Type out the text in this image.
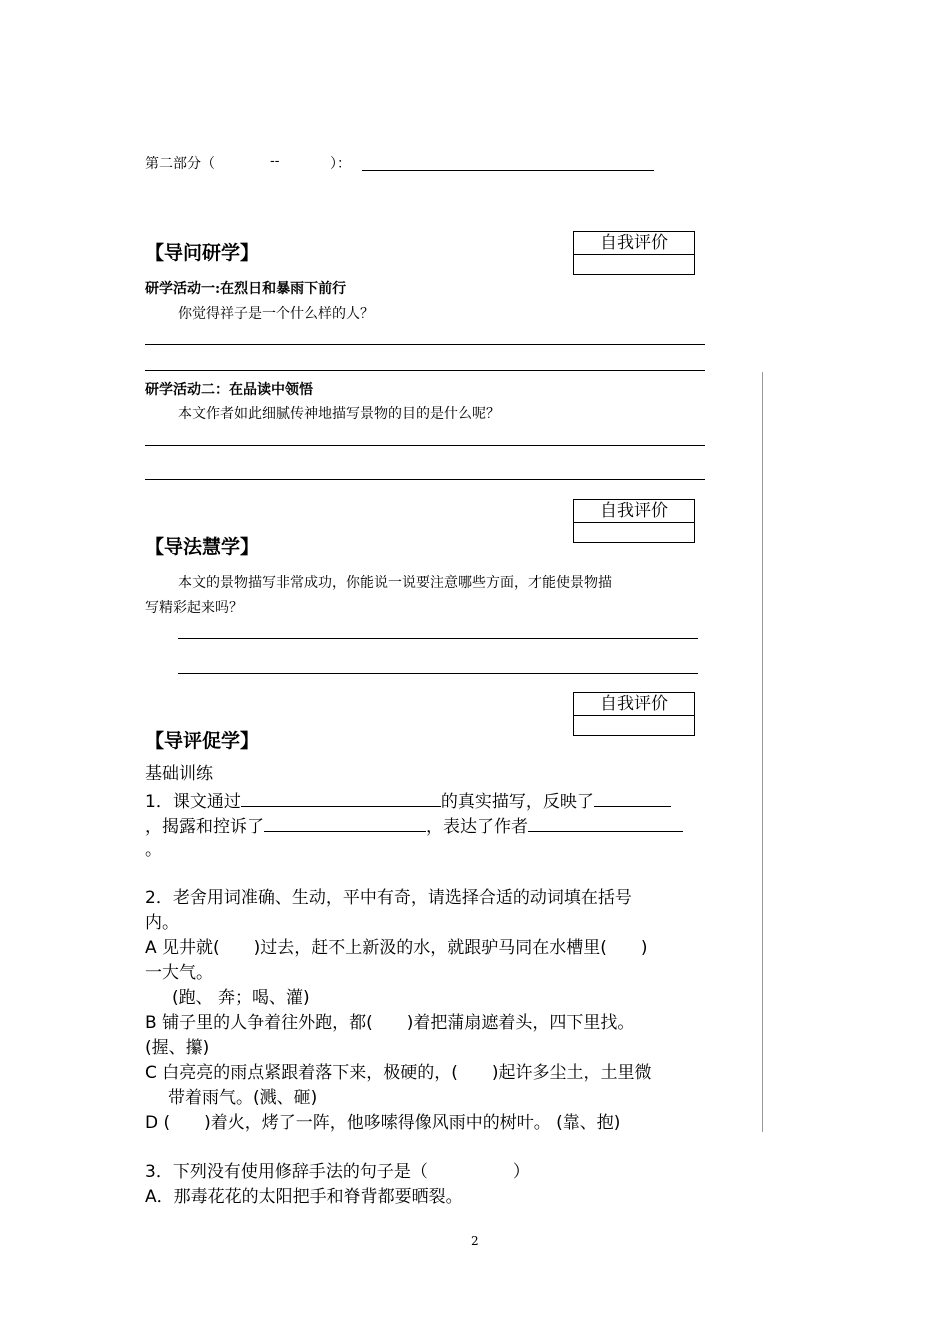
第二部分（	--	）：
【导问研学】	自我评价
研学活动一:在烈日和暴雨下前行
你觉得祥子是一个什么样的人？
研学活动二：在品读中领悟
本文作者如此细腻传神地描写景物的目的是什么呢？
自我评价
【导法慧学】
本文的景物描写非常成功，你能说一说要注意哪些方面，才能使景物描
写精彩起来吗？
自我评价
【导评促学】
基础训练
1．课文通过	的真实描写，反映了
，揭露和控诉了	，表达了作者
。
2．老舍用词准确、生动，平中有奇，请选择合适的动词填在括号
内。
A 见井就(　　)过去，赶不上新汲的水，就跟驴马同在水槽里(　　)
一大气。
(跑、 奔；喝、灌)
B 铺子里的人争着往外跑，都(　　)着把蒲扇遮着头，四下里找。
(握、攥)
C 白亮亮的雨点紧跟着落下来，极硬的，(　　)起许多尘土，土里微
带着雨气。(溅、砸)
D (　　)着火，烤了一阵，他哆嗦得像风雨中的树叶。 (靠、抱)
3．下列没有使用修辞手法的句子是（　　　　　）
A．那毒花花的太阳把手和脊背都要晒裂。
2
